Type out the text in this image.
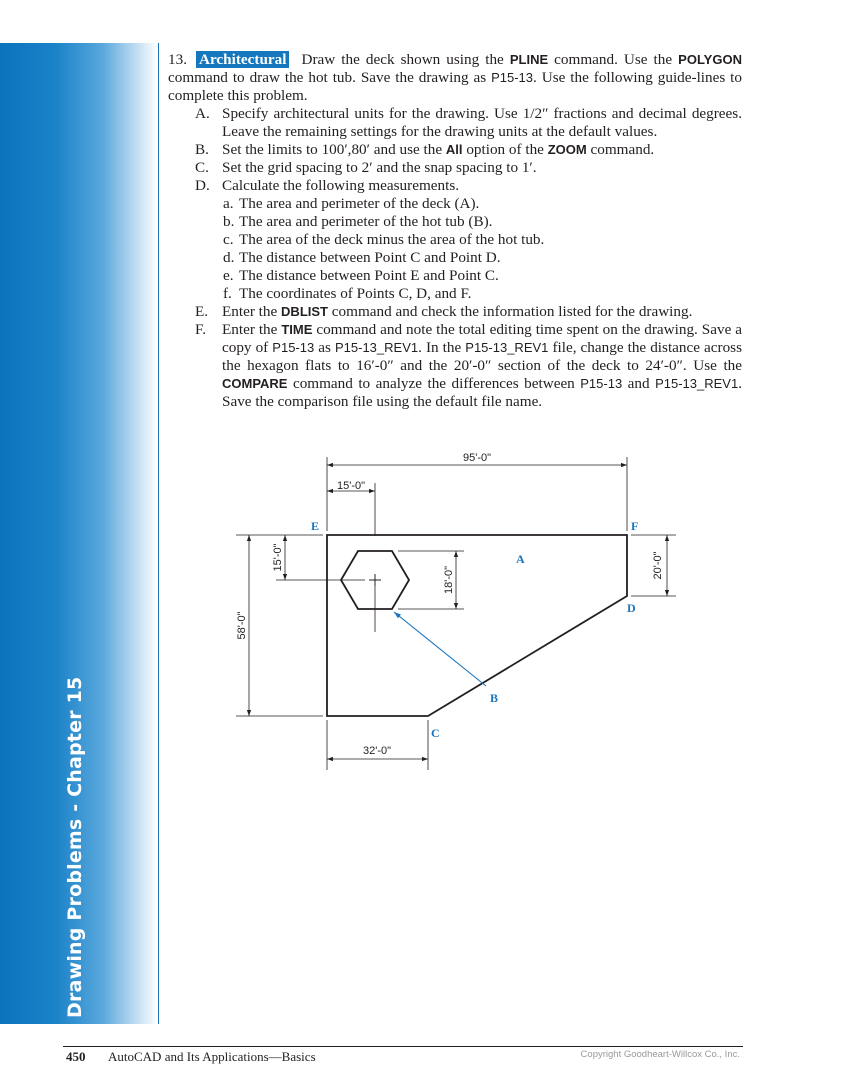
Drawing Problems - Chapter 15

13. Architectural Draw the deck shown using the PLINE command. Use the POLYGON command to draw the hot tub. Save the drawing as P15-13. Use the following guide-lines to complete this problem.

A. Specify architectural units for the drawing. Use 1/2″ fractions and decimal degrees. Leave the remaining settings for the drawing units at the default values.

B. Set the limits to 100′,80′ and use the All option of the ZOOM command.

C. Set the grid spacing to 2′ and the snap spacing to 1′.

D. Calculate the following measurements.

a. The area and perimeter of the deck (A).

b. The area and perimeter of the hot tub (B).

c. The area of the deck minus the area of the hot tub.

d. The distance between Point C and Point D.

e. The distance between Point E and Point C.

f. The coordinates of Points C, D, and F.

E. Enter the DBLIST command and check the information listed for the drawing.

F. Enter the TIME command and note the total editing time spent on the drawing. Save a copy of P15-13 as P15-13_REV1. In the P15-13_REV1 file, change the distance across the hexagon flats to 16′-0″ and the 20′-0″ section of the deck to 24′-0″. Use the COMPARE command to analyze the differences between P15-13 and P15-13_REV1. Save the comparison file using the default file name.

95'-0"
15'-0"
15'-0"
18'-0"
20'-0"
58'-0"
32'-0"
A
B
C
D
E	F
450 AutoCAD and Its Applications—Basics	Copyright Goodheart-Willcox Co., Inc.
